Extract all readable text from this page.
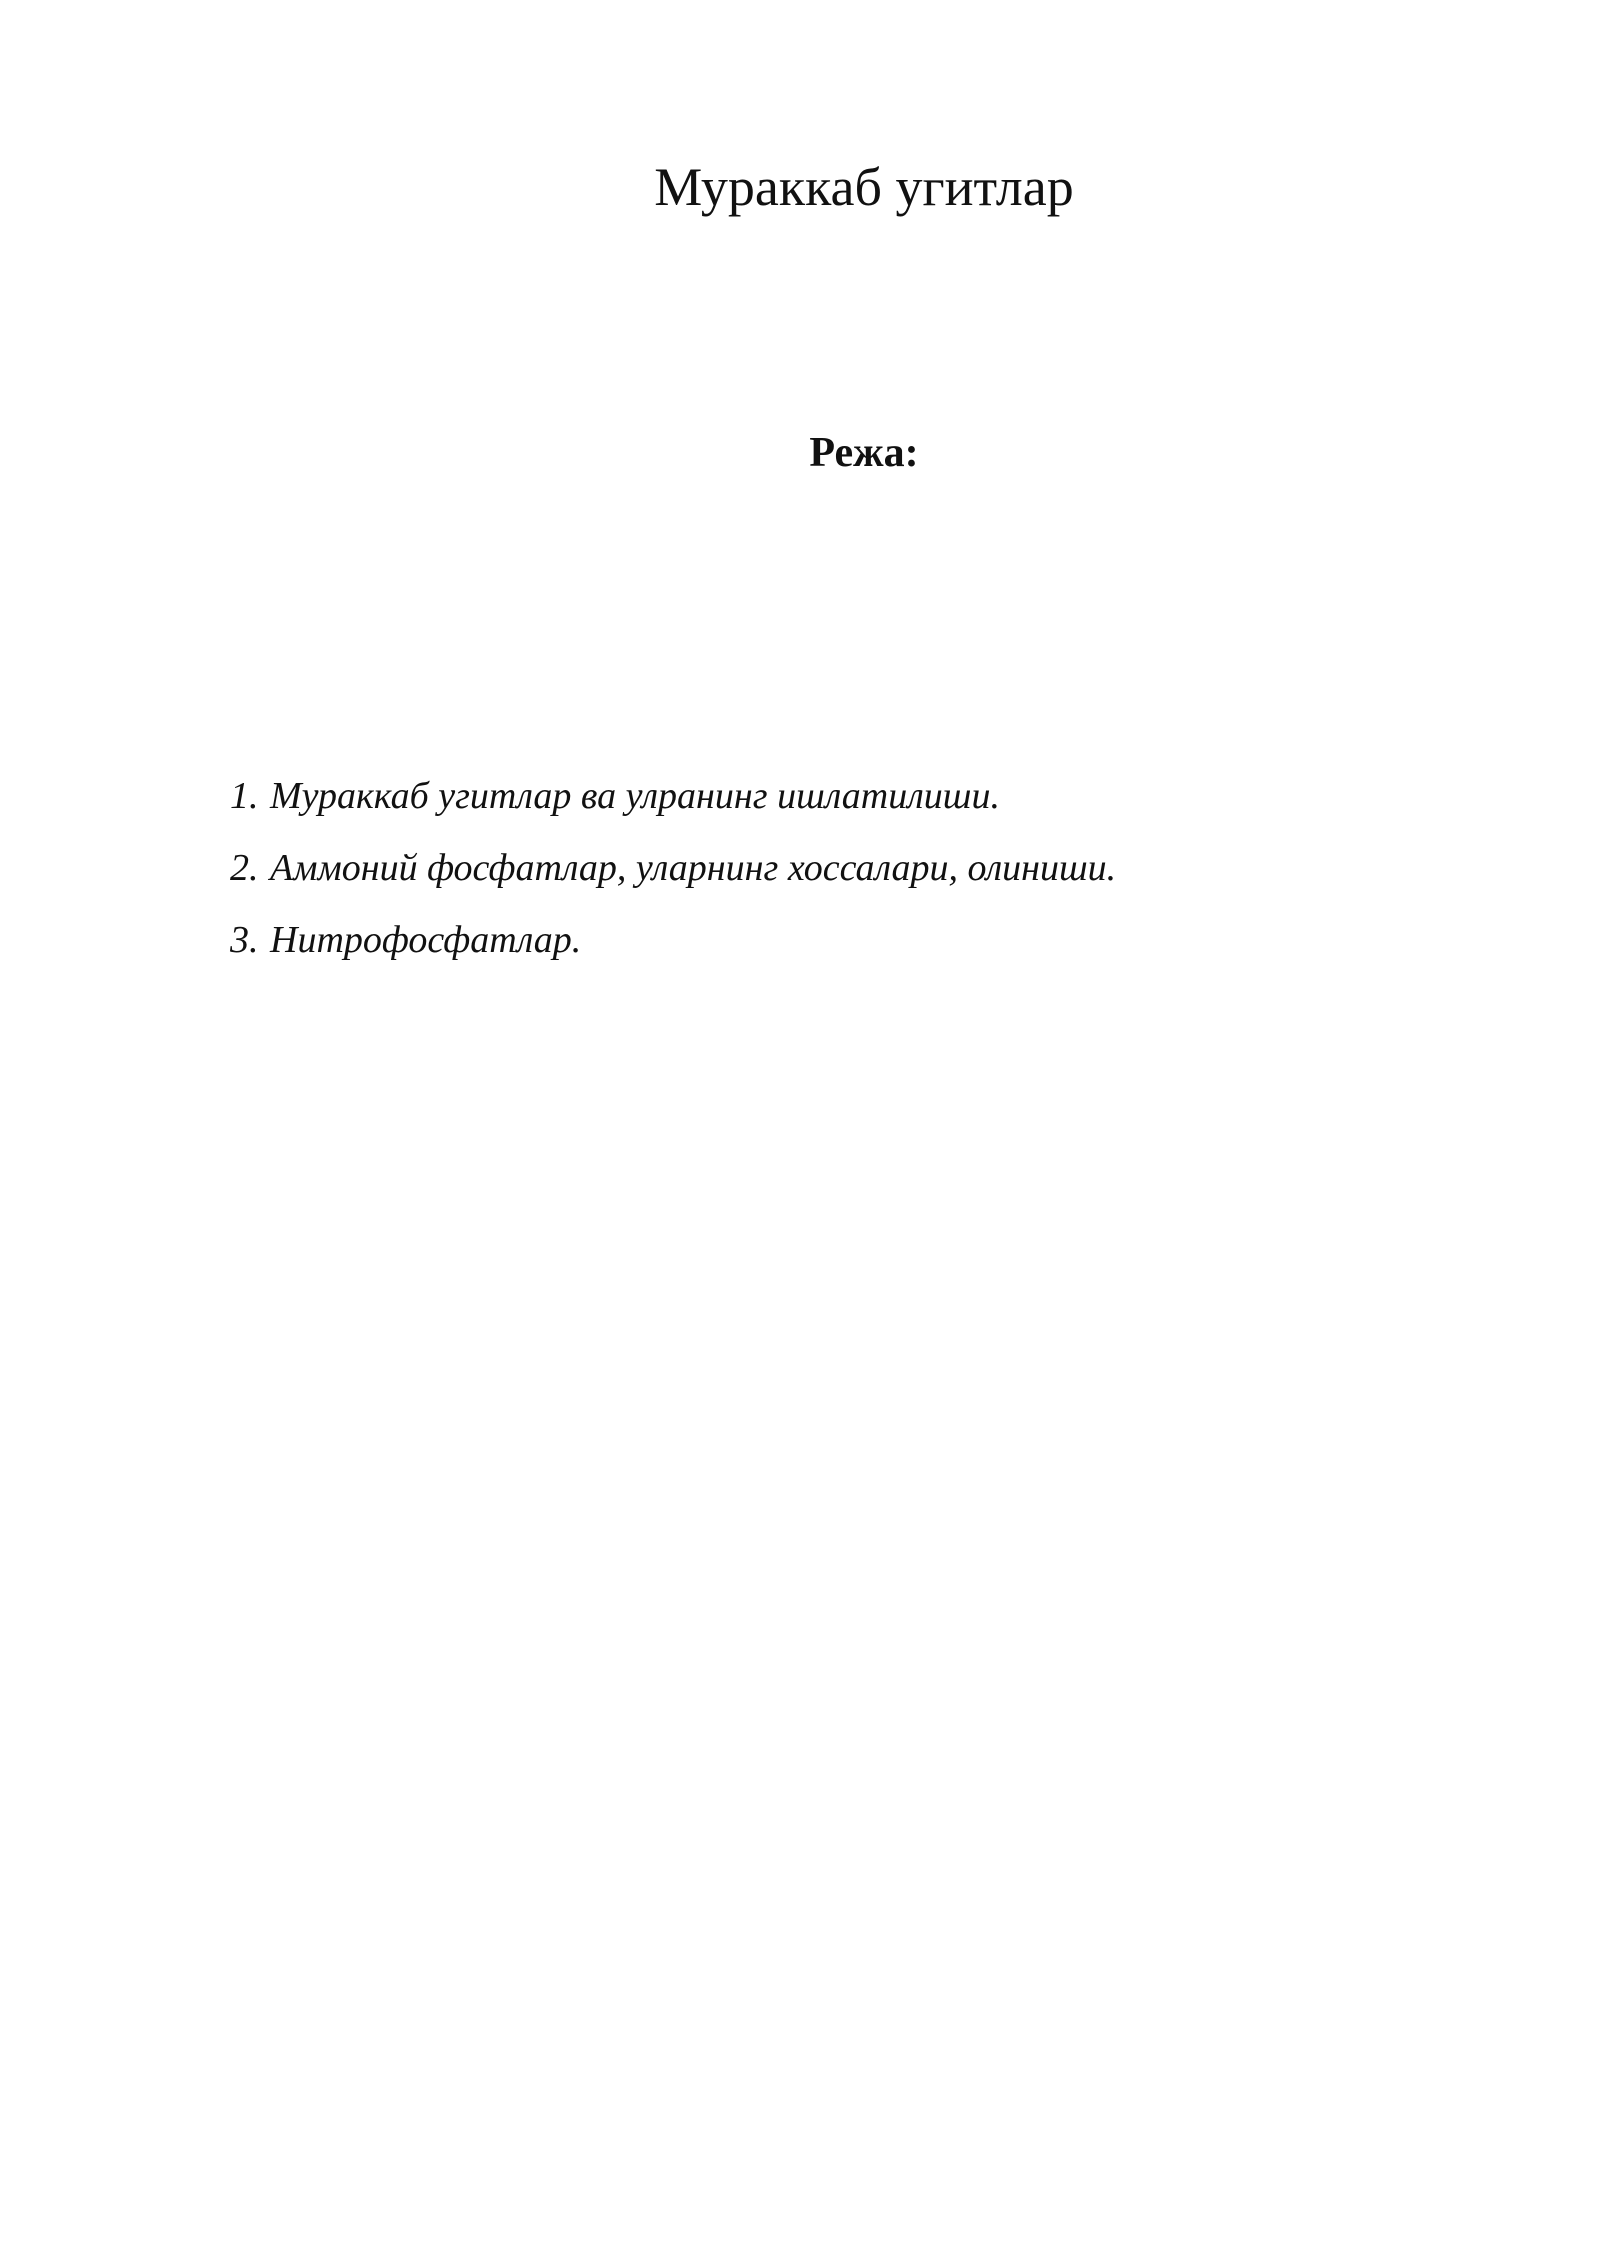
Мураккаб угитлар
Режа:
1. Мураккаб угитлар ва улранинг ишлатилиши.
2. Аммоний фосфатлар, уларнинг хоссалари, олиниши.
3. Нитрофосфатлар.
